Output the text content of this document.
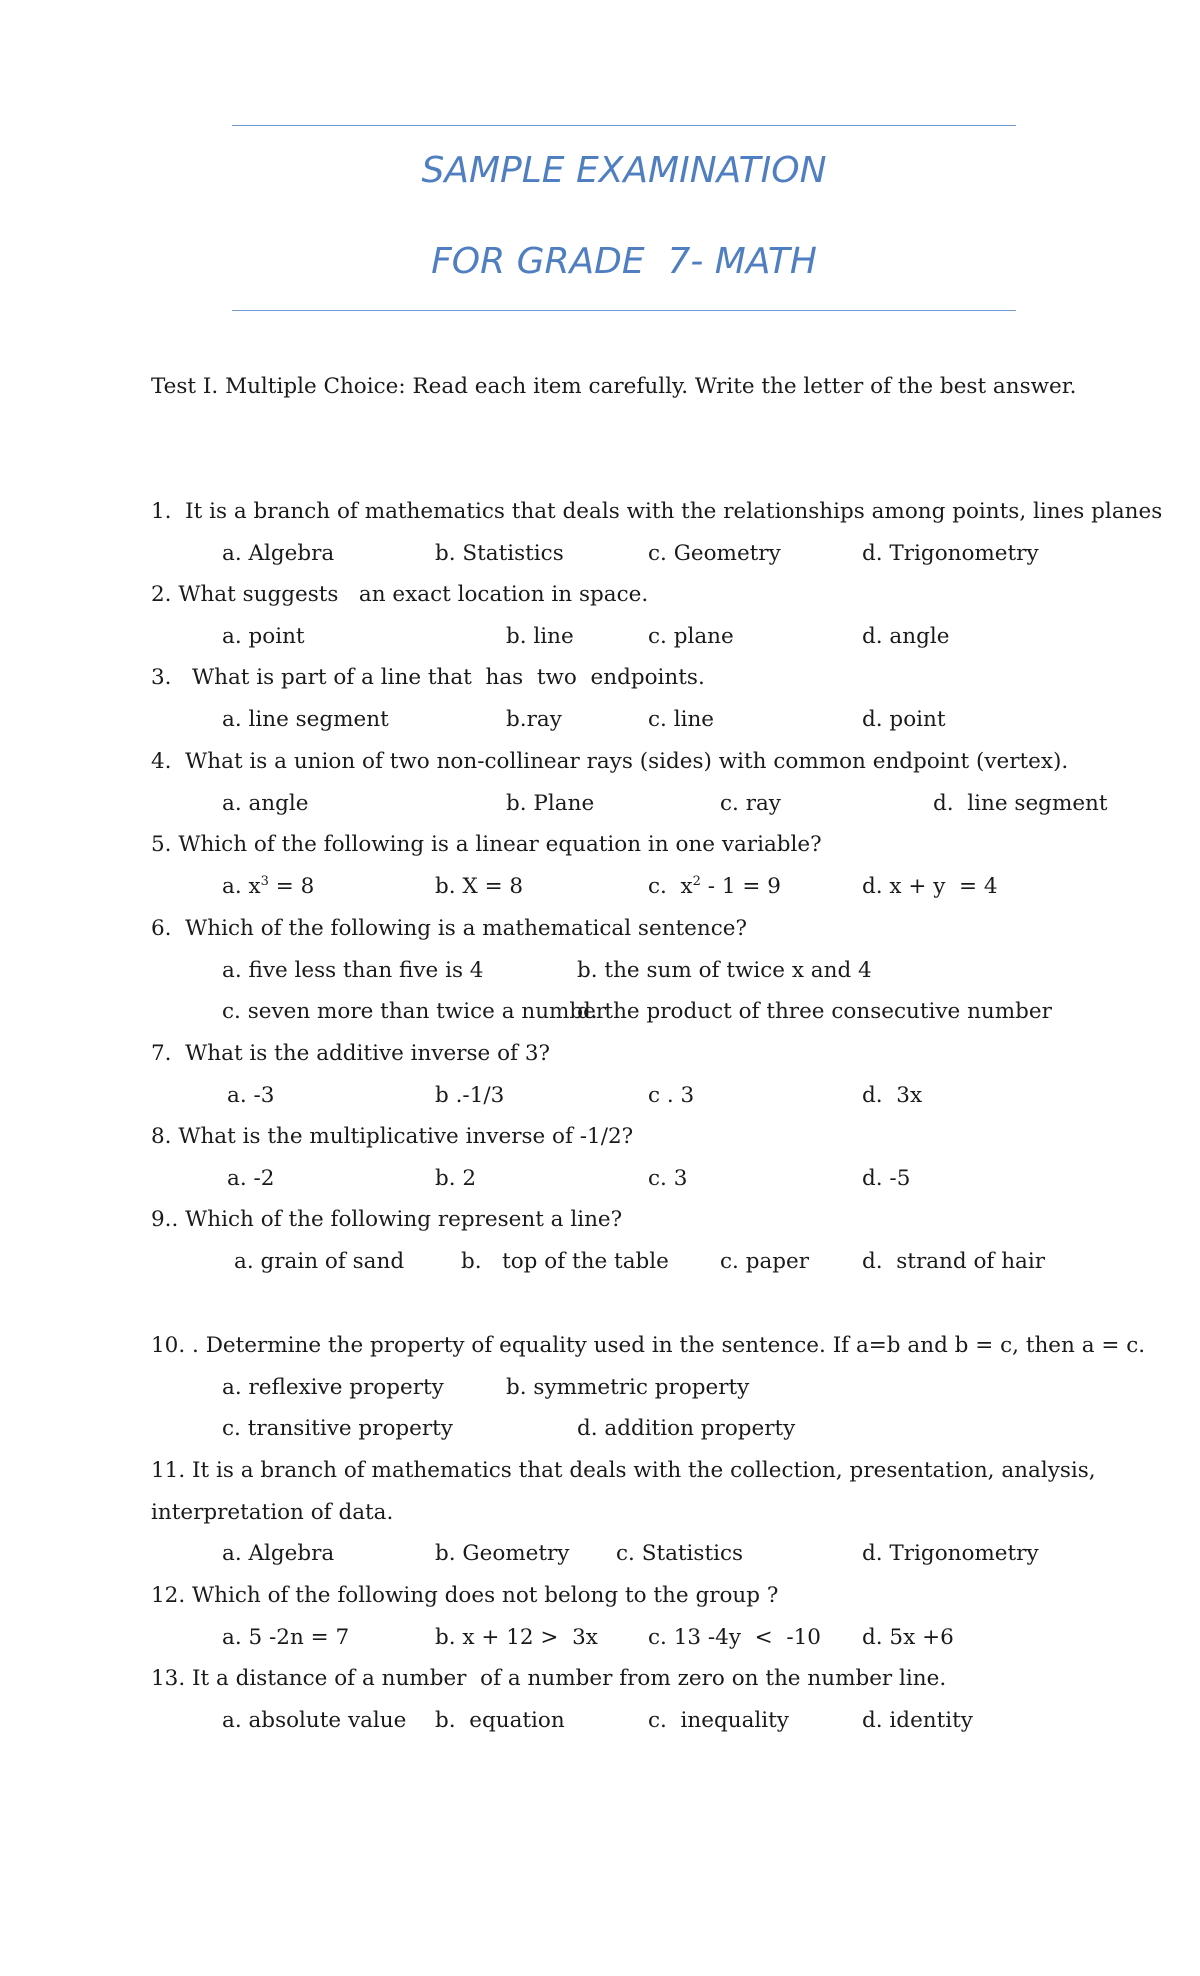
SAMPLE EXAMINATION
FOR GRADE  7- MATH
Test I. Multiple Choice: Read each item carefully. Write the letter of the best answer.
1.  It is a branch of mathematics that deals with the relationships among points, lines planes
a. Algebra	b. Statistics	c. Geometry	d. Trigonometry
2. What suggests   an exact location in space.
a. point	b. line	c. plane	d. angle
3.   What is part of a line that  has  two  endpoints.
a. line segment	b.ray	c. line	d. point
4.  What is a union of two non-collinear rays (sides) with common endpoint (vertex).
a. angle	b. Plane	c. ray	d.  line segment
5. Which of the following is a linear equation in one variable?
a. $x^3 = 8$	b. X = 8	c.  $x^2 - 1 = 9$	d. x + y  = 4
6.  Which of the following is a mathematical sentence?
a. five less than five is 4	b. the sum of twice x and 4
c. seven more than twice a number
d. the product of three consecutive number
7.  What is the additive inverse of 3?
a. -3	b .-1/3	c . 3	d.  3x
8. What is the multiplicative inverse of -1/2?
a. -2	b. 2	c. 3	d. -5
9.. Which of the following represent a line?
a. grain of sand	b.   top of the table c. paper d.  strand of hair
10. . Determine the property of equality used in the sentence. If a=b and b = c, then a = c.
a. reflexive property	b. symmetric property
c. transitive property	d. addition property
11. It is a branch of mathematics that deals with the collection, presentation, analysis,
interpretation of data.
a. Algebra	b. Geometry c. Statistics	d. Trigonometry
12. Which of the following does not belong to the group ?
a. 5 -2n = 7	b. x + 12 >  3x c. 13 -4y  <  -10 d. 5x +6
13. It a distance of a number  of a number from zero on the number line.
a. absolute value b.  equation	c.  inequality	d. identity
